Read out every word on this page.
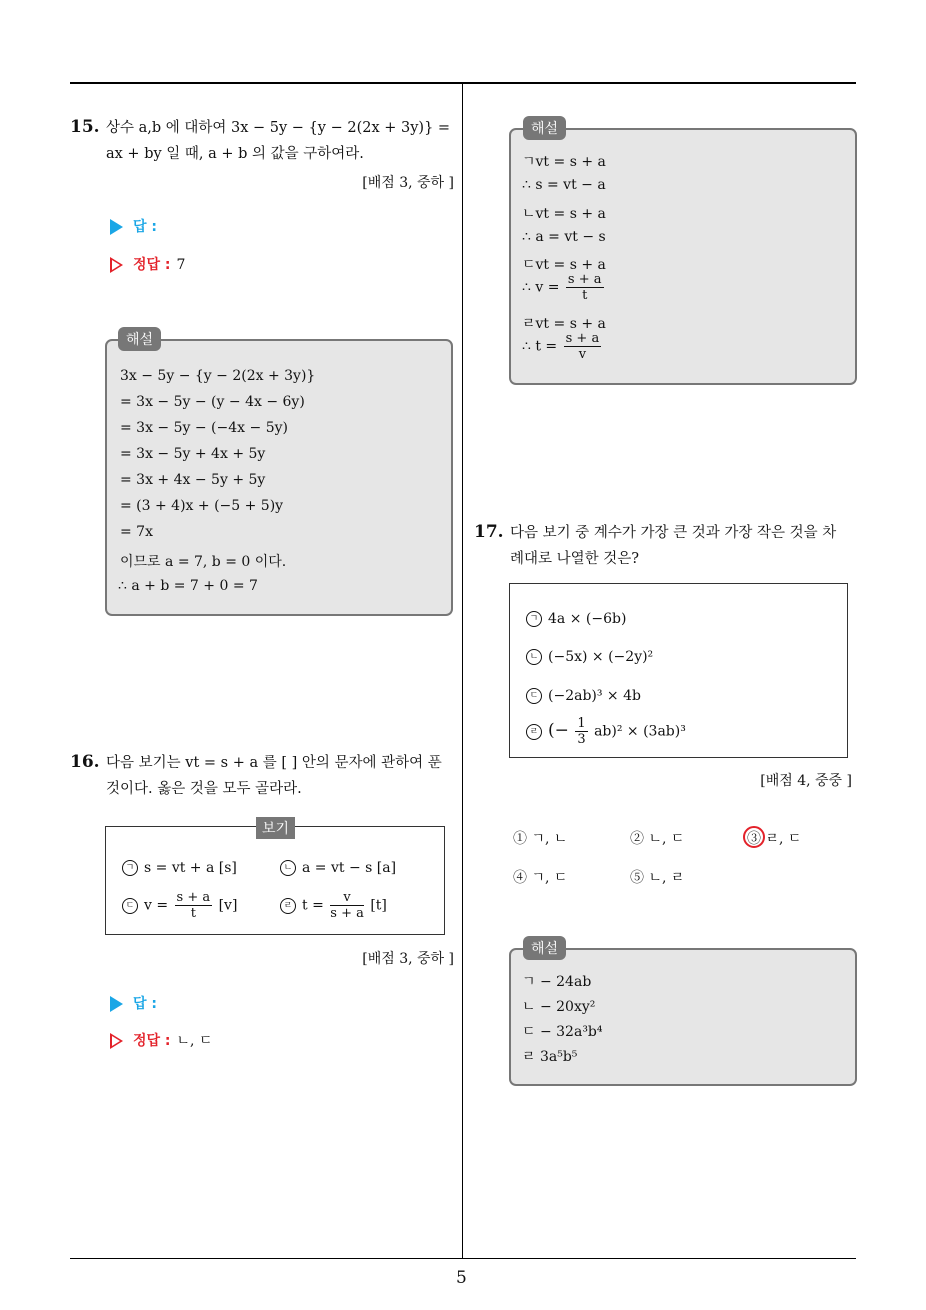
15. 상수 a,b 에 대하여 3x − 5y − {y − 2(2x + 3y)} =
ax + by 일 때, a + b 의 값을 구하여라.
[배점 3, 중하 ]
답 :
정답 : 7
해설
3x − 5y − {y − 2(2x + 3y)}
= 3x − 5y − (y − 4x − 6y)
= 3x − 5y − (−4x − 5y)
= 3x − 5y + 4x + 5y
= 3x + 4x − 5y + 5y
= (3 + 4)x + (−5 + 5)y
= 7x
이므로 a = 7, b = 0 이다.
∴ a + b = 7 + 0 = 7
16. 다음 보기는 vt = s + a 를 [ ] 안의 문자에 관하여 푼
것이다. 옳은 것을 모두 골라라.
보기
ㄱ s = vt + a [s]	ㄴ a = vt − s [a]
ㄷ $v = \frac{s + a}{t} [v]$	ㄹ $t = \frac{v}{s + a} [t]$
[배점 3, 중하 ]
답 :
정답 : ㄴ, ㄷ
해설
ㄱvt = s + a
∴ s = vt − a
ㄴvt = s + a
∴ a = vt − s
ㄷvt = s + a
∴ $v = \frac{s + a}{t}$
ㄹvt = s + a
∴ $t = \frac{s + a}{v}$
17. 다음 보기 중 계수가 가장 큰 것과 가장 작은 것을 차
례대로 나열한 것은?
ㄱ 4a × (−6b)
ㄴ (−5x) × (−2y)²
ㄷ (−2ab)³ × 4b
ㄹ (− $\frac{1}{3} ab)^2 \times (3ab)^3$
[배점 4, 중중 ]
① ㄱ, ㄴ	② ㄴ, ㄷ	③ ㄹ, ㄷ
④ ㄱ, ㄷ	⑤ ㄴ, ㄹ
해설
ㄱ − 24ab
ㄴ − 20xy²
ㄷ − 32a³b⁴
ㄹ 3a⁵b⁵
5
